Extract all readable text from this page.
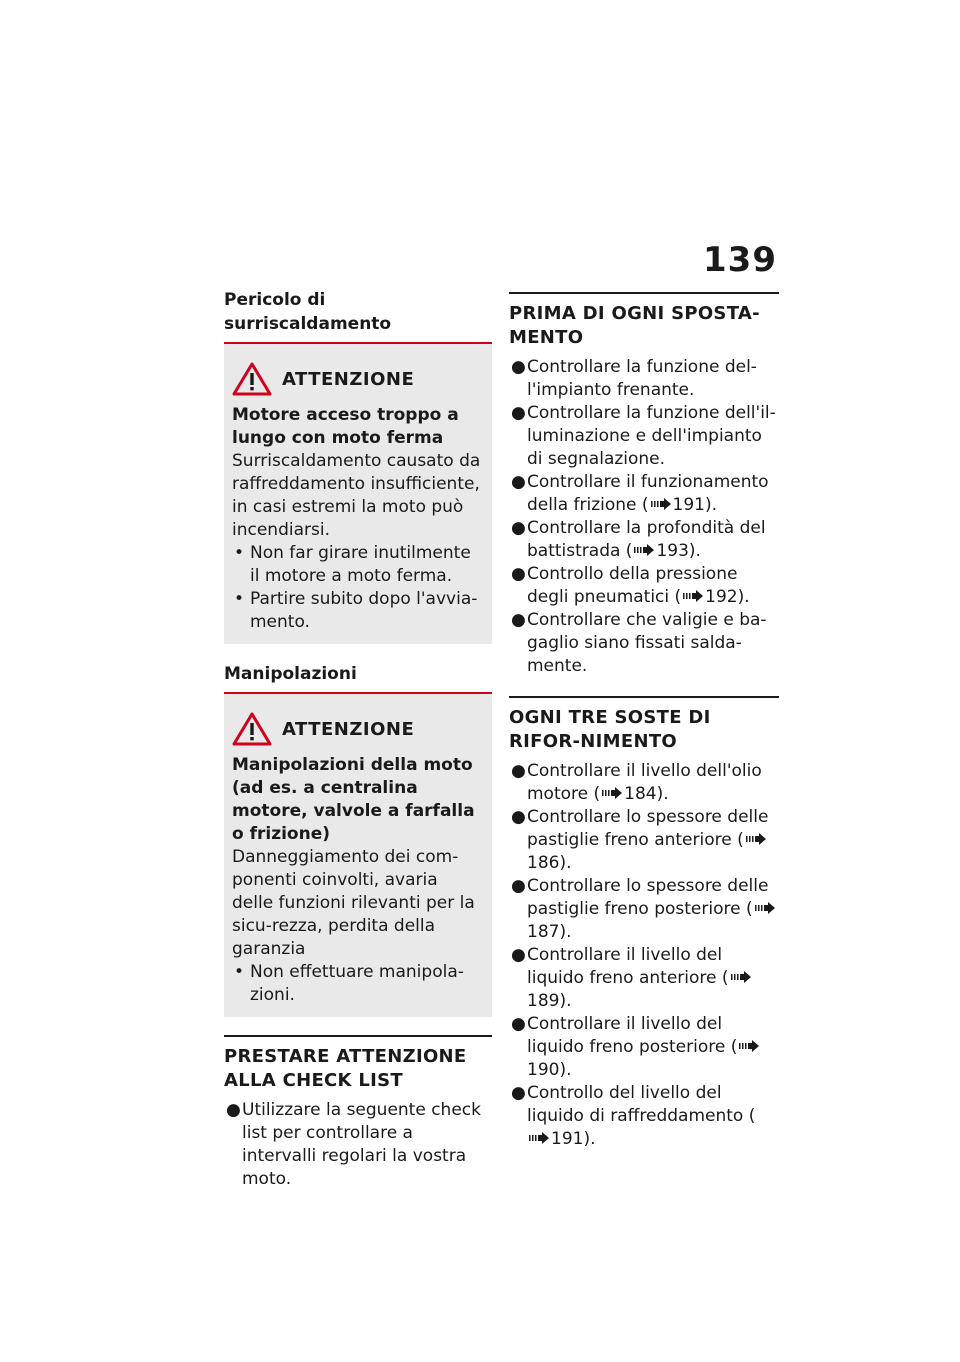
139
Pericolo di surriscaldamento
ATTENZIONE
Motore acceso troppo a lungo con moto ferma
Surriscaldamento causato da raffreddamento insufficiente, in casi estremi la moto può incendiarsi.
• Non far girare inutilmente il motore a moto ferma.
• Partire subito dopo l'avvia-mento.
Manipolazioni
ATTENZIONE
Manipolazioni della moto (ad es. a centralina motore, valvole a farfalla o frizione)
Danneggiamento dei com-ponenti coinvolti, avaria delle funzioni rilevanti per la sicu-rezza, perdita della garanzia
• Non effettuare manipola-zioni.
PRESTARE ATTENZIONE ALLA CHECK LIST
● Utilizzare la seguente check list per controllare a intervalli regolari la vostra moto.
PRIMA DI OGNI SPOSTA-MENTO
● Controllare la funzione del-l'impianto frenante.
● Controllare la funzione dell'il-luminazione e dell'impianto di segnalazione.
● Controllare il funzionamento della frizione ( 191).
● Controllare la profondità del battistrada ( 193).
● Controllo della pressione degli pneumatici ( 192).
● Controllare che valigie e ba-gaglio siano fissati salda-mente.
OGNI TRE SOSTE DI RIFOR-NIMENTO
● Controllare il livello dell'olio motore ( 184).
● Controllare lo spessore delle pastiglie freno anteriore (186).
● Controllare lo spessore delle pastiglie freno posteriore (187).
● Controllare il livello del liquido freno anteriore (189).
● Controllare il livello del liquido freno posteriore (190).
● Controllo del livello del liquido di raffreddamento (191).
